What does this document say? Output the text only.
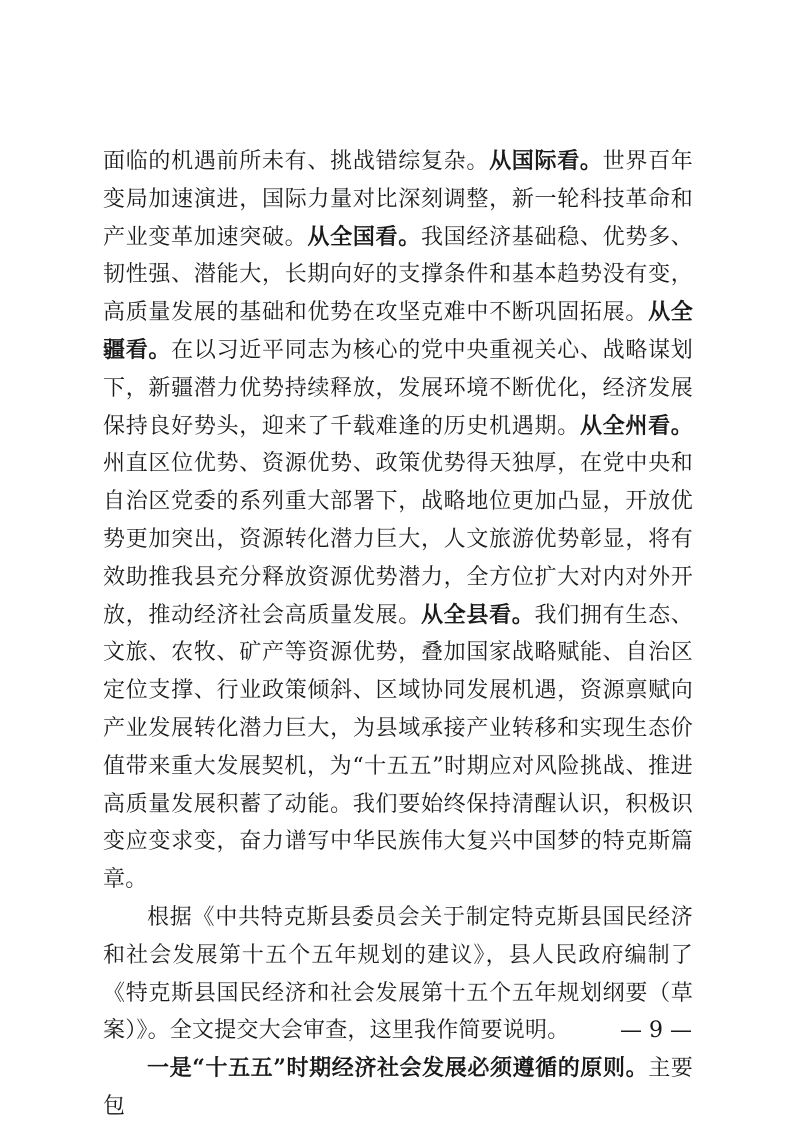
面临的机遇前所未有、挑战错综复杂。从国际看。世界百年变局加速演进，国际力量对比深刻调整，新一轮科技革命和产业变革加速突破。从全国看。我国经济基础稳、优势多、韧性强、潜能大，长期向好的支撑条件和基本趋势没有变，高质量发展的基础和优势在攻坚克难中不断巩固拓展。从全疆看。在以习近平同志为核心的党中央重视关心、战略谋划下，新疆潜力优势持续释放，发展环境不断优化，经济发展保持良好势头，迎来了千载难逢的历史机遇期。从全州看。州直区位优势、资源优势、政策优势得天独厚，在党中央和自治区党委的系列重大部署下，战略地位更加凸显，开放优势更加突出，资源转化潜力巨大，人文旅游优势彰显，将有效助推我县充分释放资源优势潜力，全方位扩大对内对外开放，推动经济社会高质量发展。从全县看。我们拥有生态、文旅、农牧、矿产等资源优势，叠加国家战略赋能、自治区定位支撑、行业政策倾斜、区域协同发展机遇，资源禀赋向产业发展转化潜力巨大，为县域承接产业转移和实现生态价值带来重大发展契机，为“十五五”时期应对风险挑战、推进高质量发展积蓄了动能。我们要始终保持清醒认识，积极识变应变求变，奋力谱写中华民族伟大复兴中国梦的特克斯篇章。

根据《中共特克斯县委员会关于制定特克斯县国民经济和社会发展第十五个五年规划的建议》，县人民政府编制了《特克斯县国民经济和社会发展第十五个五年规划纲要（草案）》。全文提交大会审查，这里我作简要说明。

一是“十五五”时期经济社会发展必须遵循的原则。主要包

— 9 —
